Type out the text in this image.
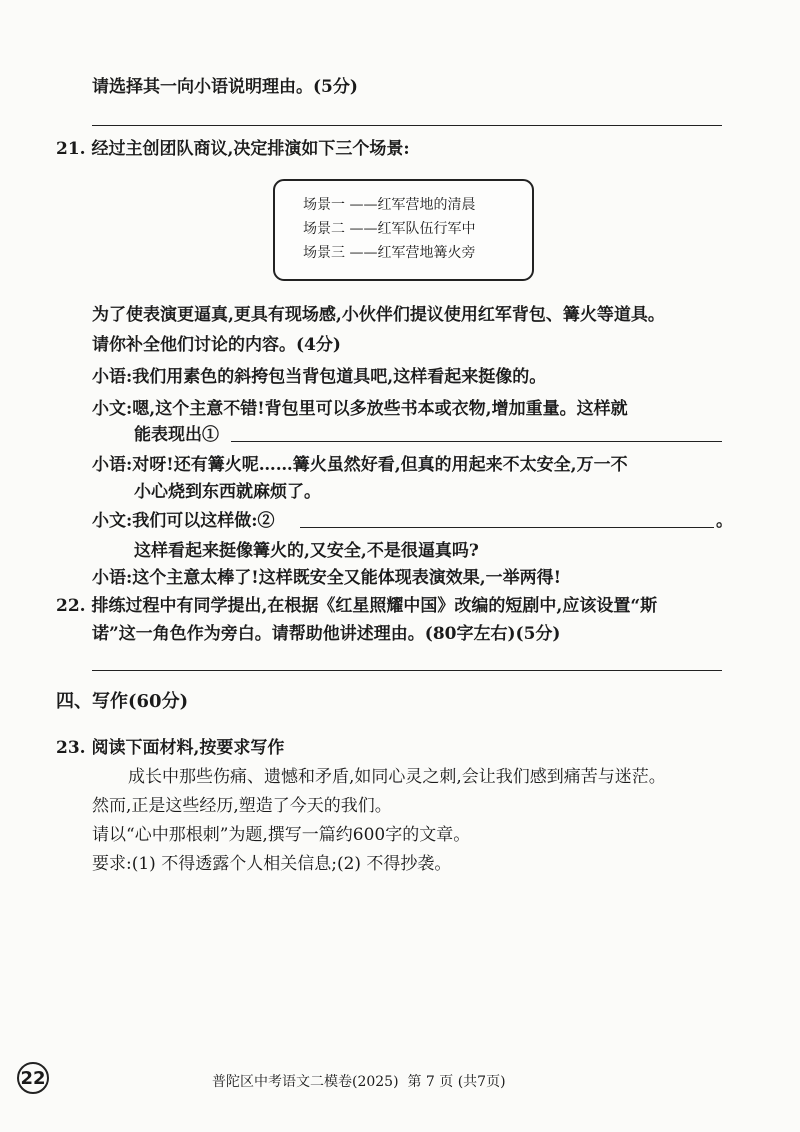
请选择其一向小语说明理由。(5分)
21. 经过主创团队商议,决定排演如下三个场景:
场景一 ——红军营地的清晨
场景二 ——红军队伍行军中
场景三 ——红军营地篝火旁
为了使表演更逼真,更具有现场感,小伙伴们提议使用红军背包、篝火等道具。
请你补全他们讨论的内容。(4分)
小语:我们用素色的斜挎包当背包道具吧,这样看起来挺像的。
小文:嗯,这个主意不错!背包里可以多放些书本或衣物,增加重量。这样就
能表现出①
小语:对呀!还有篝火呢……篝火虽然好看,但真的用起来不太安全,万一不
小心烧到东西就麻烦了。
小文:我们可以这样做:②	。
这样看起来挺像篝火的,又安全,不是很逼真吗?
小语:这个主意太棒了!这样既安全又能体现表演效果,一举两得!
22. 排练过程中有同学提出,在根据《红星照耀中国》改编的短剧中,应该设置“斯
诺”这一角色作为旁白。请帮助他讲述理由。(80字左右)(5分)
四、写作(60分)
23. 阅读下面材料,按要求写作
成长中那些伤痛、遗憾和矛盾,如同心灵之刺,会让我们感到痛苦与迷茫。
然而,正是这些经历,塑造了今天的我们。
请以“心中那根刺”为题,撰写一篇约600字的文章。
要求:(1) 不得透露个人相关信息;(2) 不得抄袭。
22	普陀区中考语文二模卷(2025)  第 7 页 (共7页)
